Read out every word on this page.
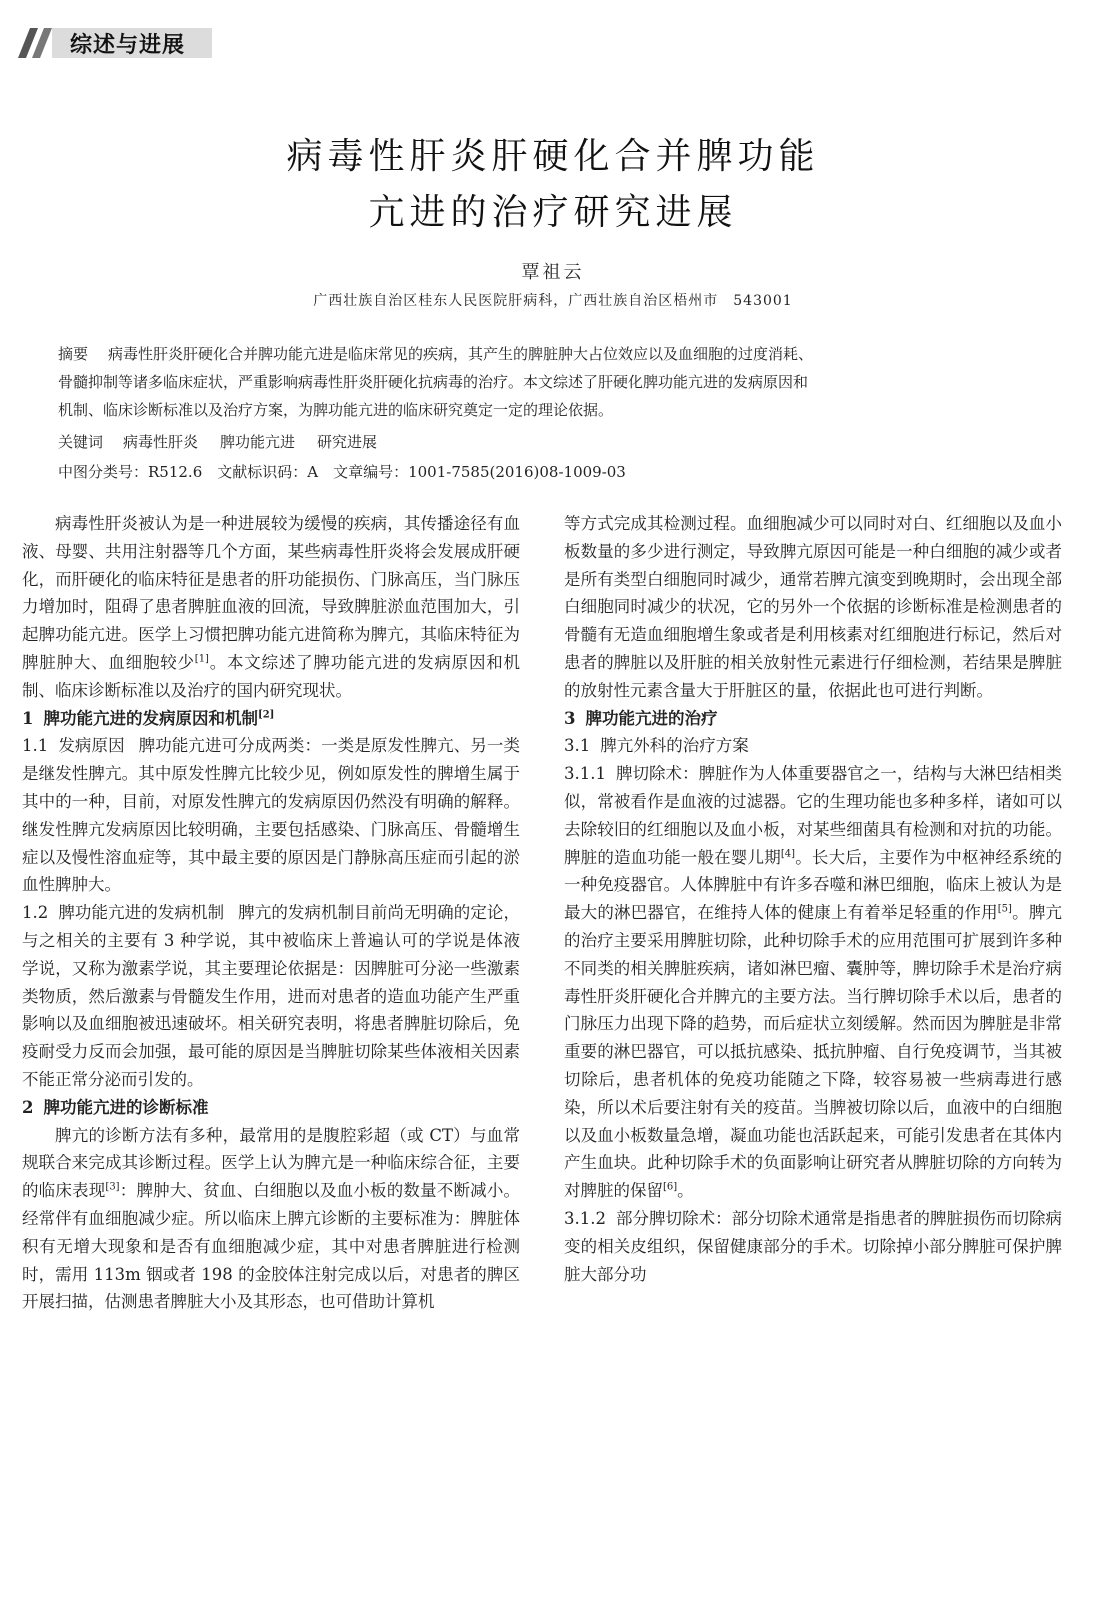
综述与进展
病毒性肝炎肝硬化合并脾功能
亢进的治疗研究进展
覃祖云
广西壮族自治区桂东人民医院肝病科，广西壮族自治区梧州市　543001
摘要 病毒性肝炎肝硬化合并脾功能亢进是临床常见的疾病，其产生的脾脏肿大占位效应以及血细胞的过度消耗、
骨髓抑制等诸多临床症状，严重影响病毒性肝炎肝硬化抗病毒的治疗。本文综述了肝硬化脾功能亢进的发病原因和
机制、临床诊断标准以及治疗方案，为脾功能亢进的临床研究奠定一定的理论依据。
关键词 病毒性肝炎 脾功能亢进 研究进展
中图分类号：R512.6　文献标识码：A　文章编号：1001-7585(2016)08-1009-03

病毒性肝炎被认为是一种进展较为缓慢的疾病，其传播途径有血液、母婴、共用注射器等几个方面，某些病毒性肝炎将会发展成肝硬化，而肝硬化的临床特征是患者的肝功能损伤、门脉高压，当门脉压力增加时，阻碍了患者脾脏血液的回流，导致脾脏淤血范围加大，引起脾功能亢进。医学上习惯把脾功能亢进简称为脾亢，其临床特征为脾脏肿大、血细胞较少[1]。本文综述了脾功能亢进的发病原因和机制、临床诊断标准以及治疗的国内研究现状。

1 脾功能亢进的发病原因和机制[2]

1.1 发病原因 脾功能亢进可分成两类：一类是原发性脾亢、另一类是继发性脾亢。其中原发性脾亢比较少见，例如原发性的脾增生属于其中的一种，目前，对原发性脾亢的发病原因仍然没有明确的解释。继发性脾亢发病原因比较明确，主要包括感染、门脉高压、骨髓增生症以及慢性溶血症等，其中最主要的原因是门静脉高压症而引起的淤血性脾肿大。

1.2 脾功能亢进的发病机制 脾亢的发病机制目前尚无明确的定论，与之相关的主要有 3 种学说，其中被临床上普遍认可的学说是体液学说，又称为激素学说，其主要理论依据是：因脾脏可分泌一些激素类物质，然后激素与骨髓发生作用，进而对患者的造血功能产生严重影响以及血细胞被迅速破坏。相关研究表明，将患者脾脏切除后，免疫耐受力反而会加强，最可能的原因是当脾脏切除某些体液相关因素不能正常分泌而引发的。

2 脾功能亢进的诊断标准

脾亢的诊断方法有多种，最常用的是腹腔彩超（或 CT）与血常规联合来完成其诊断过程。医学上认为脾亢是一种临床综合征，主要的临床表现[3]：脾肿大、贫血、白细胞以及血小板的数量不断减小。经常伴有血细胞减少症。所以临床上脾亢诊断的主要标准为：脾脏体积有无增大现象和是否有血细胞减少症，其中对患者脾脏进行检测时，需用 113m 铟或者 198 的金胶体注射完成以后，对患者的脾区开展扫描，估测患者脾脏大小及其形态，也可借助计算机

等方式完成其检测过程。血细胞减少可以同时对白、红细胞以及血小板数量的多少进行测定，导致脾亢原因可能是一种白细胞的减少或者是所有类型白细胞同时减少，通常若脾亢演变到晚期时，会出现全部白细胞同时减少的状况，它的另外一个依据的诊断标准是检测患者的骨髓有无造血细胞增生象或者是利用核素对红细胞进行标记，然后对患者的脾脏以及肝脏的相关放射性元素进行仔细检测，若结果是脾脏的放射性元素含量大于肝脏区的量，依据此也可进行判断。

3 脾功能亢进的治疗

3.1 脾亢外科的治疗方案

3.1.1 脾切除术：脾脏作为人体重要器官之一，结构与大淋巴结相类似，常被看作是血液的过滤器。它的生理功能也多种多样，诸如可以去除较旧的红细胞以及血小板，对某些细菌具有检测和对抗的功能。脾脏的造血功能一般在婴儿期[4]。长大后，主要作为中枢神经系统的一种免疫器官。人体脾脏中有许多吞噬和淋巴细胞，临床上被认为是最大的淋巴器官，在维持人体的健康上有着举足轻重的作用[5]。脾亢的治疗主要采用脾脏切除，此种切除手术的应用范围可扩展到许多种不同类的相关脾脏疾病，诸如淋巴瘤、囊肿等，脾切除手术是治疗病毒性肝炎肝硬化合并脾亢的主要方法。当行脾切除手术以后，患者的门脉压力出现下降的趋势，而后症状立刻缓解。然而因为脾脏是非常重要的淋巴器官，可以抵抗感染、抵抗肿瘤、自行免疫调节，当其被切除后，患者机体的免疫功能随之下降，较容易被一些病毒进行感染，所以术后要注射有关的疫苗。当脾被切除以后，血液中的白细胞以及血小板数量急增，凝血功能也活跃起来，可能引发患者在其体内产生血块。此种切除手术的负面影响让研究者从脾脏切除的方向转为对脾脏的保留[6]。

3.1.2 部分脾切除术：部分切除术通常是指患者的脾脏损伤而切除病变的相关皮组织，保留健康部分的手术。切除掉小部分脾脏可保护脾脏大部分功
